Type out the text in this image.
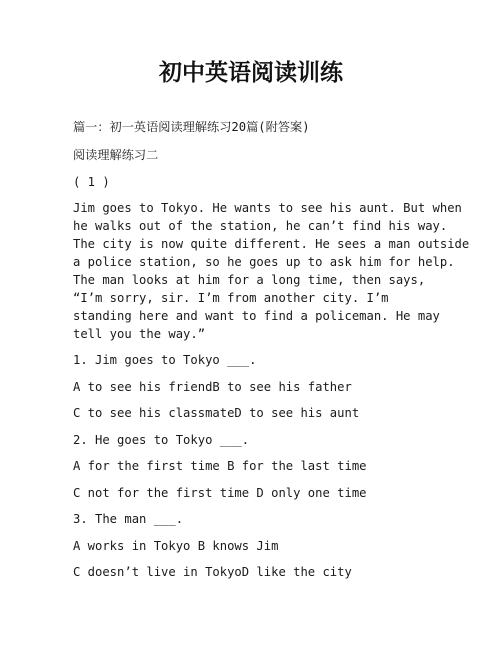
初中英语阅读训练
篇一：初一英语阅读理解练习20篇(附答案)
阅读理解练习二
( 1 )
Jim goes to Tokyo. He wants to see his aunt. But when
he walks out of the station, he can’t find his way.
The city is now quite different. He sees a man outside
a police station, so he goes up to ask him for help.
The man looks at him for a long time, then says,
“I’m sorry, sir. I’m from another city. I’m
standing here and want to find a policeman. He may
tell you the way.”
1. Jim goes to Tokyo ___.
A to see his friendB to see his father
C to see his classmateD to see his aunt
2. He goes to Tokyo ___.
A for the first time B for the last time
C not for the first time D only one time
3. The man ___.
A works in Tokyo B knows Jim
C doesn’t live in TokyoD like the city
